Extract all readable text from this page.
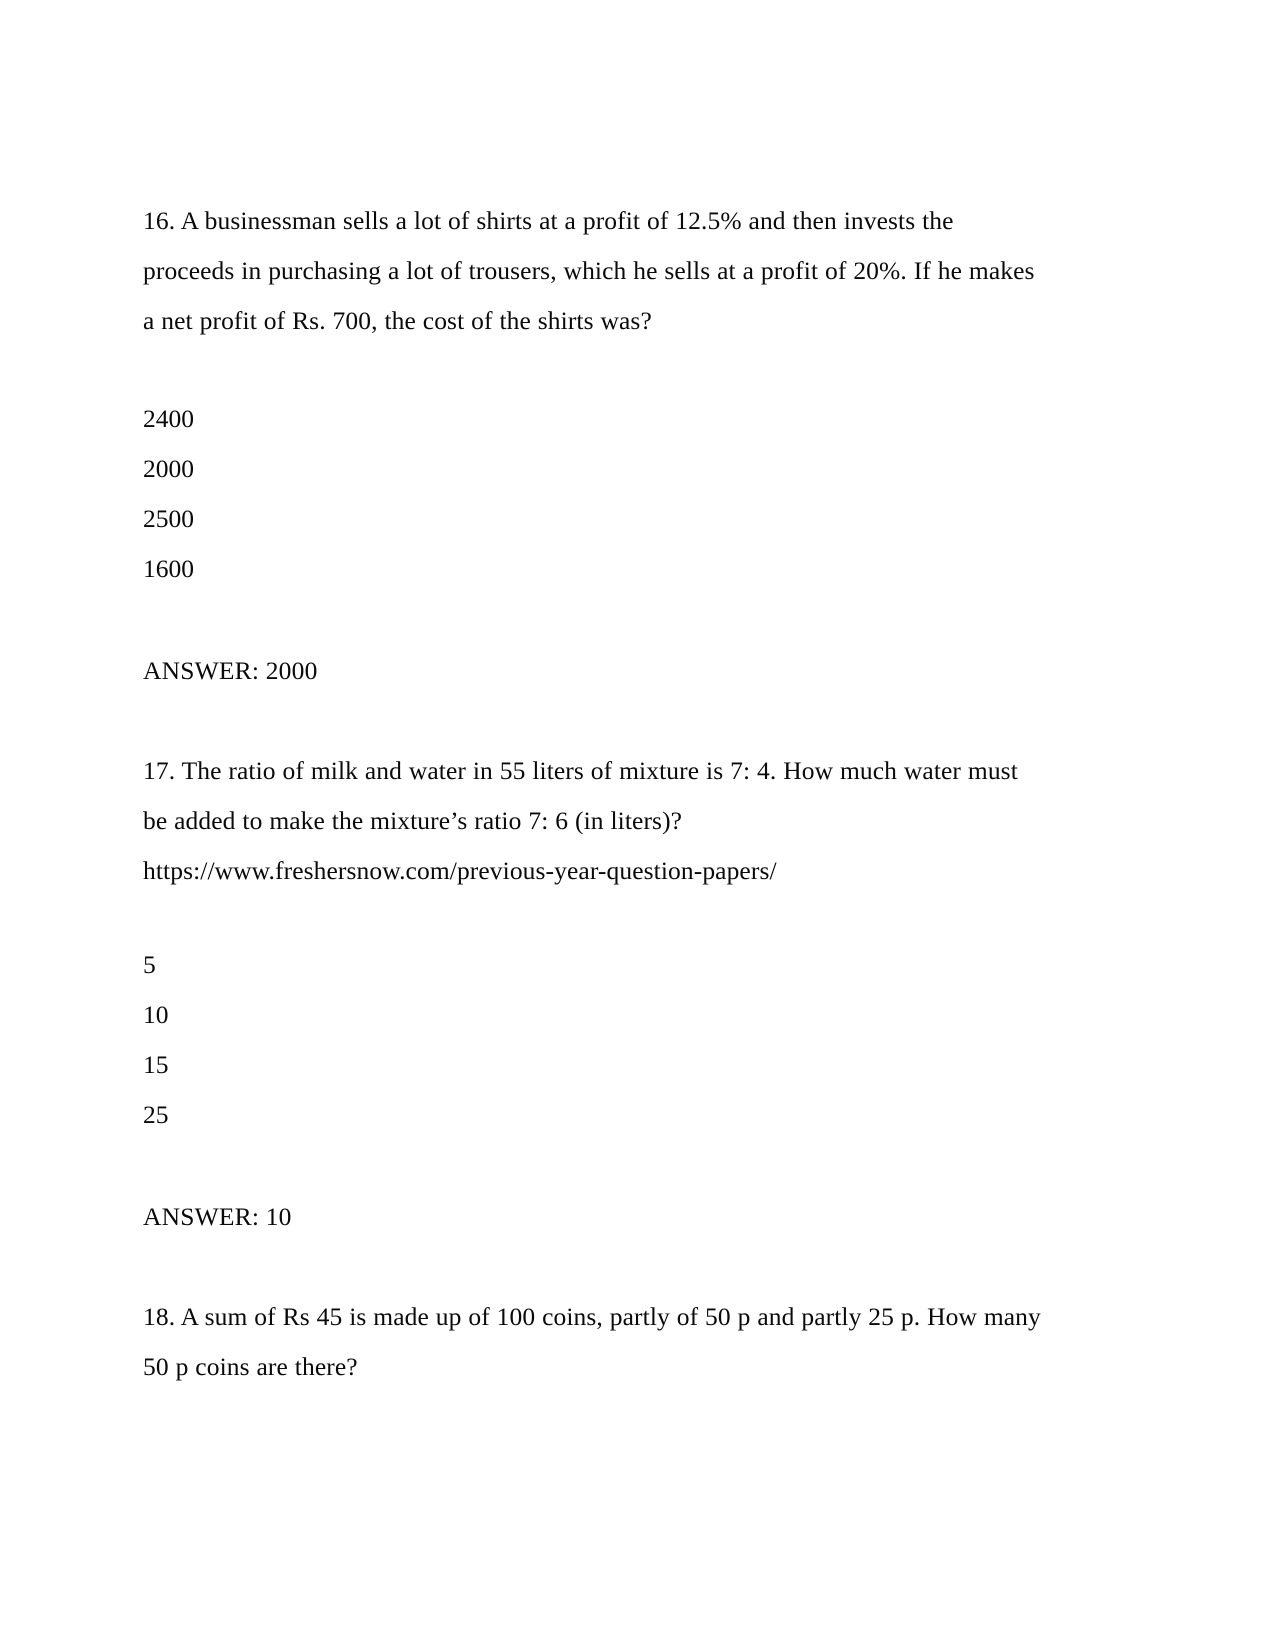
16. A businessman sells a lot of shirts at a profit of 12.5% and then invests the proceeds in purchasing a lot of trousers, which he sells at a profit of 20%. If he makes a net profit of Rs. 700, the cost of the shirts was?

2400
2000
2500
1600

ANSWER: 2000

17. The ratio of milk and water in 55 liters of mixture is 7: 4. How much water must be added to make the mixture’s ratio 7: 6 (in liters)?

https://www.freshersnow.com/previous-year-question-papers/

5
10
15
25

ANSWER: 10

18. A sum of Rs 45 is made up of 100 coins, partly of 50 p and partly 25 p. How many 50 p coins are there?
